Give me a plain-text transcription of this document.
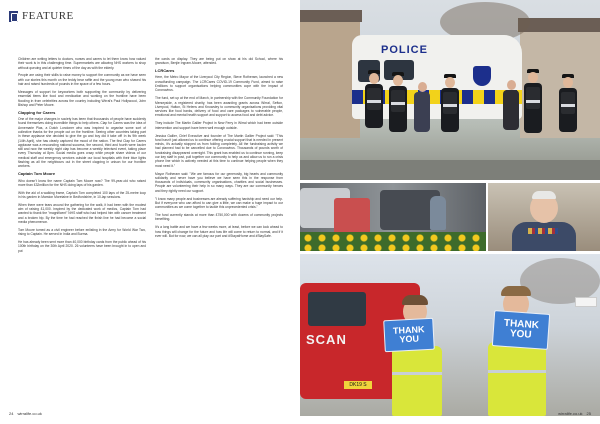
FEATURE

Children are writing letters to doctors, nurses and carers to let them know how valued their work is in this challenging time. Supermarkets are allowing NHS workers to shop without queuing and at quieter times of the day as with the elderly.

People are using their skills to raise money to support the community as we have seen with our stories this month on the teddy bear raffle and the young man who shaved his hair and raised hundreds of pounds in the space of a few hours.

Messages of support for keyworkers both supporting the community by delivering essential items like food and medication and working on the frontline have been flooding in from celebrities across the country including Wirral's Paul Hollywood, John Bishop and Peter Moore.

Clapping for Carers

One of the major changes in society has been that thousands of people have suddenly found themselves doing incredible things to help others. Clap for Carers was the idea of Annemarie Plas, a Dutch Londoner who was inspired to organise some sort of collective thanks for the people out on the frontline. Seeing other countries taking part in these applause she decided to give the go and boy did it take off! In its 9th week (14th April), she has clearly captured the mood of the nation. The first Clap for Carers applause was a resounding national success, the second, third and fourth were louder still and now the weekly night clap has become a weekly televised event, taking place every Thursday at 8pm. Social media goes crazy while people share videos of our medical staff and emergency services outside our local hospitals with their blue lights flashing as all the neighbours out in the street clapping in unison for our frontline workers.

Captain Tom Moore

Who doesn't know the name Captain Tom Moore now? The 99-year-old who raised more than £32million for the NHS doing laps of his garden.

With the aid of a walking frame, Captain Tom completed 100 laps of the 25-metre loop in his garden in Marston Moretaine in Bedfordshire, in 10-lap sessions.

When there were tears around the gathering for the walk, it had been with the modest aim of raising £1,000. Inspired by the dedicated work of medics, Captain Tom had wanted to thank the "magnificent" NHS staff who had helped him with cancer treatment and a broken hip. By the time he had reached the finish line he had become a social media phenomenon.

Tom Moore turned as a civil engineer before enlisting in the Army for World War Two, rising to Captain. He served in India and Burma.

He has already been sent more than 40,000 birthday cards from the public ahead of his 100th birthday on the 30th April 2020. 26 volunteers have been brought in to open and put

the cards on display. They are being put on show at his old School, where his grandson, Benjie Ingram-Moore, attended.

LCRCares

Here, the Metro Mayor of the Liverpool City Region, Steve Rotheram, launched a new crowdfunding campaign. The LCRCares COVID-19 Community Fund, aimed to raise £millions to support organisations helping communities cope with the impact of Coronavirus.

The fund, set up at the end of March, in partnership with the Community Foundation for Merseyside, a registered charity, has been awarding grants across Wirral, Sefton, Liverpool, Halton, St Helens and Knowsley to community organisations providing vital services like food banks, delivery of food and care packages to vulnerable people, emotional and mental health support and support to access food and debt advice.

They include The Martin Gallier Project in New Ferry in Wirral which had been outside intervention and support have been well enough outside.

Jessica Gallier, Chief Executive and founder of The Martin Gallier Project said: "This fund hasn't just allowed us to continue offering crucial support that is needed in present minds, it's actually stopped us from folding completely. All the fundraising activity we had planned had to be cancelled due to Coronavirus. Thousands of pounds worth of fundraising disappeared overnight. This grant has enabled us to continue running, keep our key staff in post, pull together our community to help us and allow us to run a crisis phone line which is actively needed at this time to continue helping people when they most need it."

Mayor Rotheram said: "We are famous for our generosity, big hearts and community solidarity and never have you believe we have seen this in the response from thousands of individuals, community organisations, charities and social businesses. People are volunteering their help in so many ways. They are our community heroes and they rightly need our support.

"I know many people and businesses are already suffering hardship and need our help. But if everyone who can afford to can give a little, we can make a huge impact to our communities as we come together to tackle this unprecedented crisis."

The fund currently stands at more than £750,000 with dozens of community projects benefiting.

It's a long battle and we have a few weeks more, at least, before we can look ahead to how things will change for the future and how life will come to return to normal, and if it ever will. But for now, we can all play our part and #StayatHome and #StaySafe.

24 wirralife.co.uk
POLICE
SCAN
DK19 S
THANK YOU
THANK YOU
wirralife.co.uk 25
